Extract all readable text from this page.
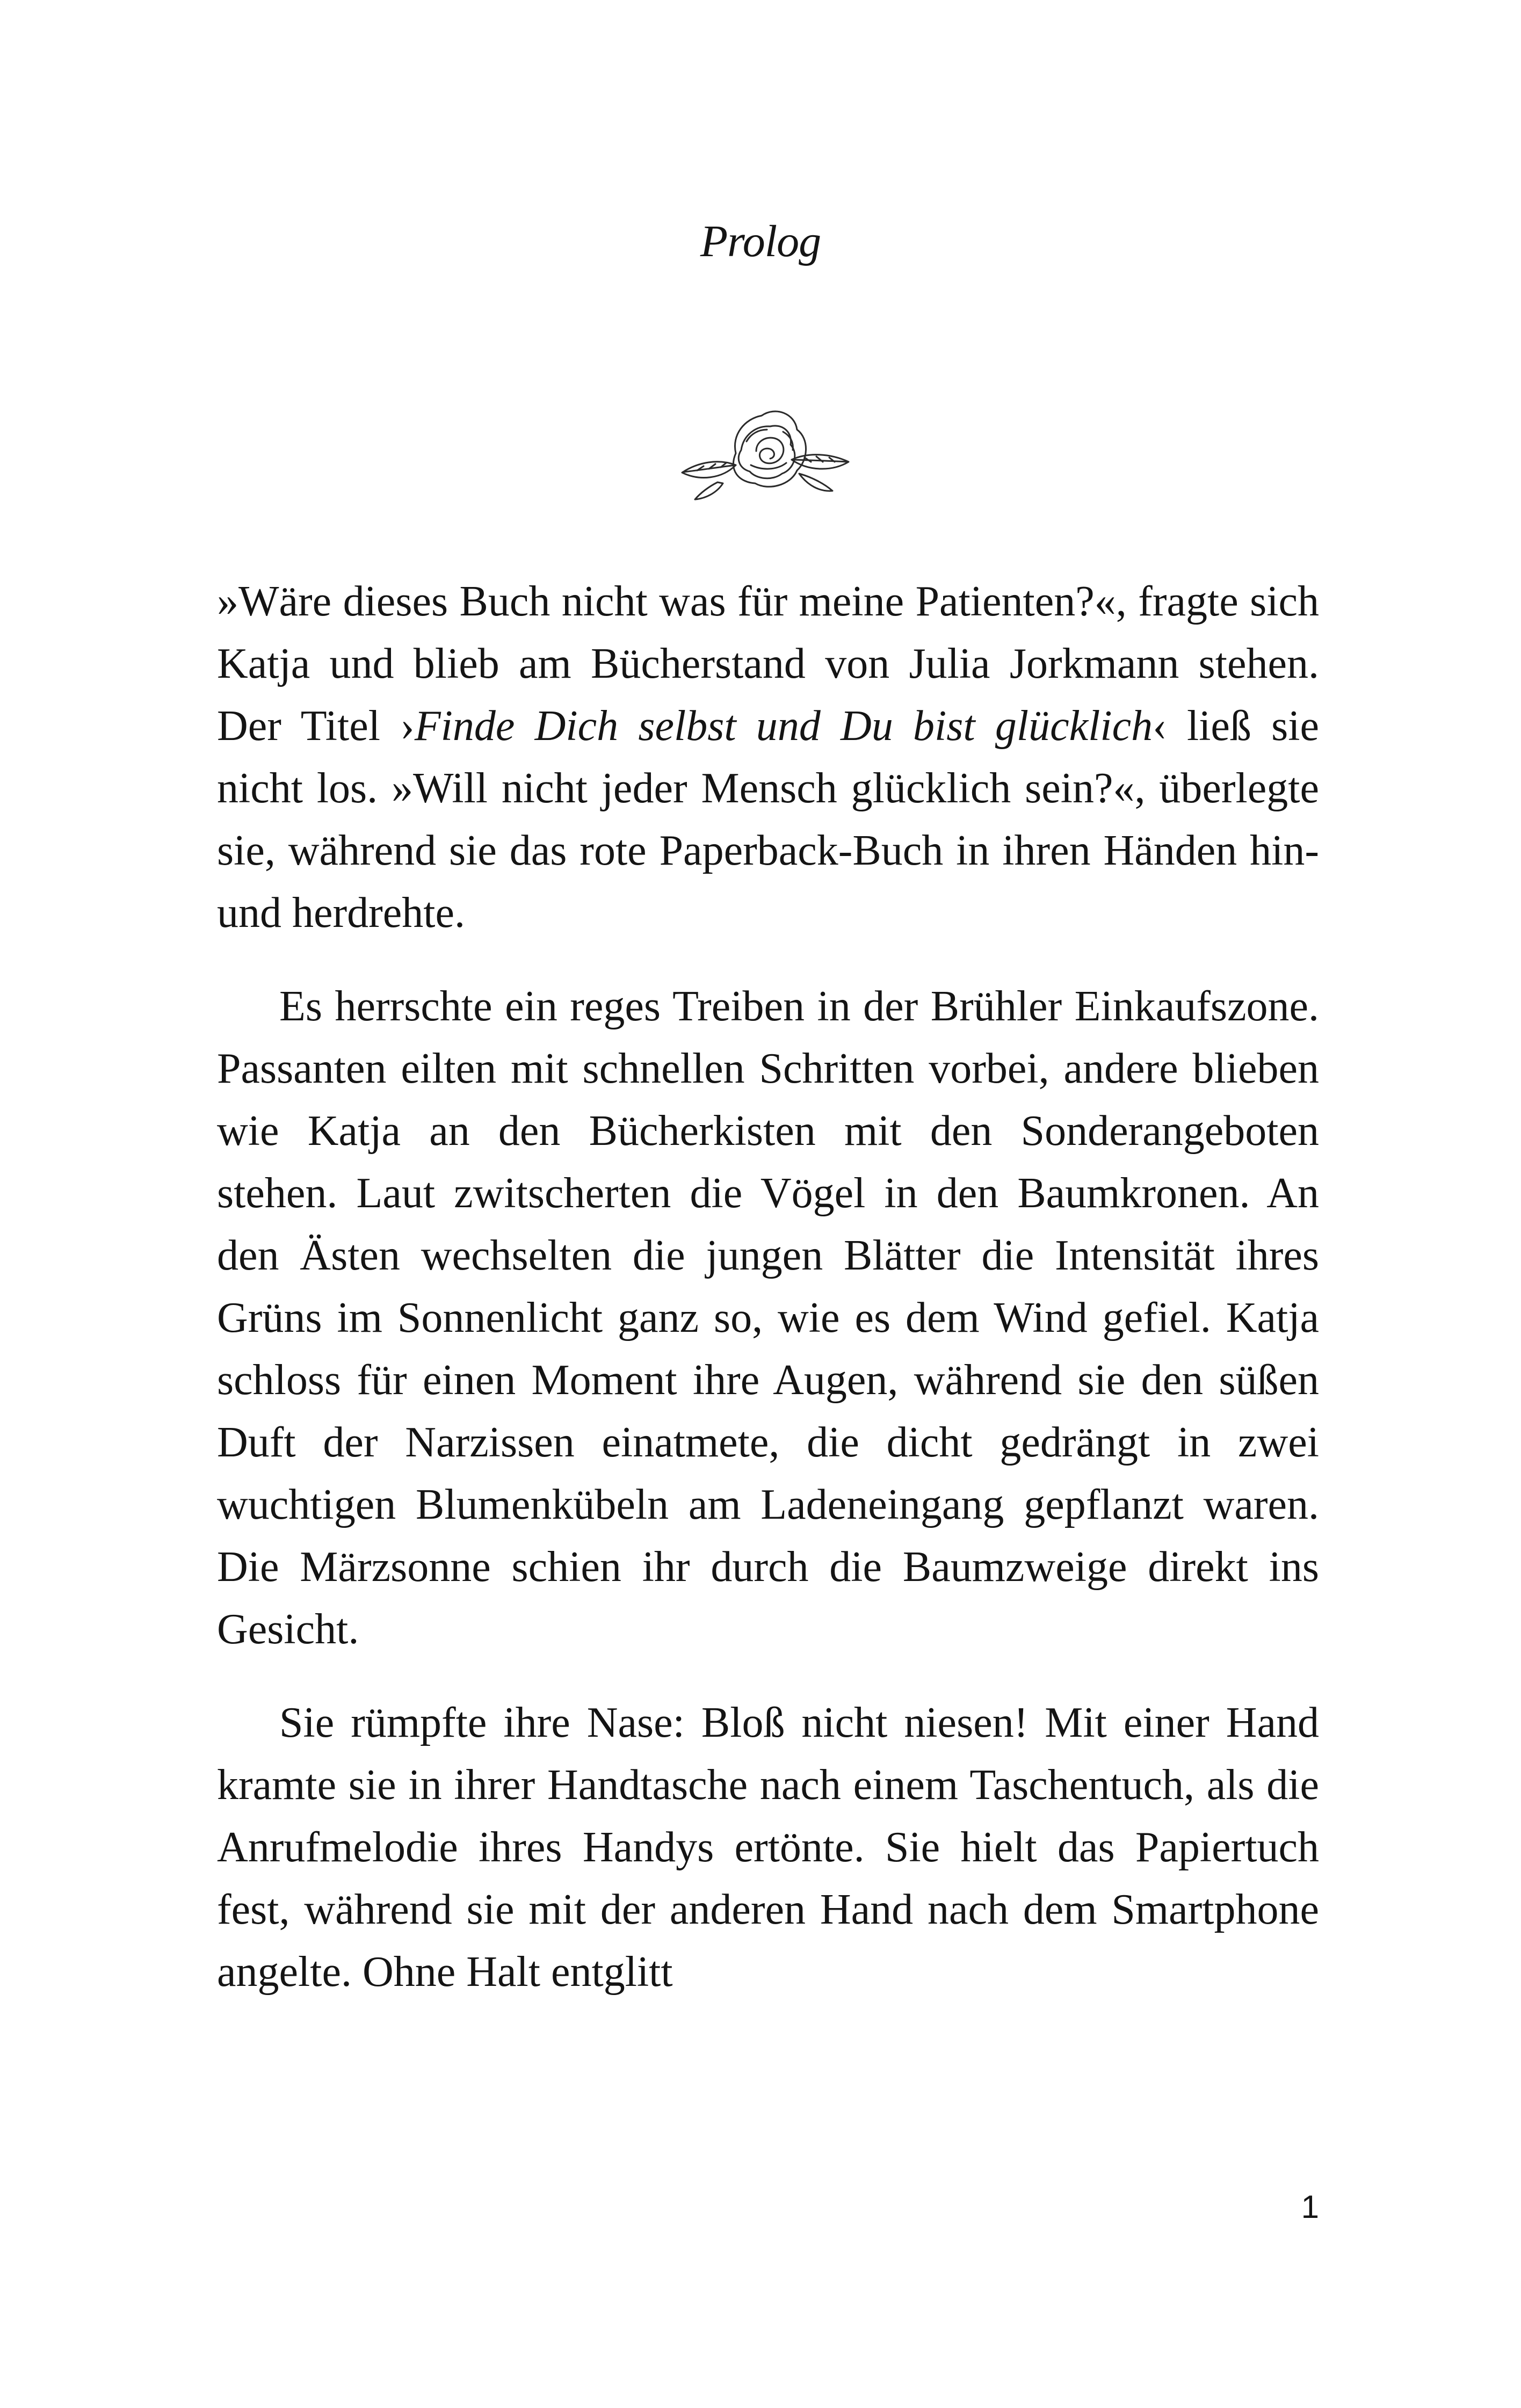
Prolog

»Wäre dieses Buch nicht was für meine Patienten?«, fragte sich Katja und blieb am Bücherstand von Julia Jorkmann stehen. Der Titel ›Finde Dich selbst und Du bist glücklich‹ ließ sie nicht los. »Will nicht jeder Mensch glücklich sein?«, überlegte sie, während sie das rote Paperback-Buch in ihren Händen hin- und herdrehte.

Es herrschte ein reges Treiben in der Brühler Einkaufszone. Passanten eilten mit schnellen Schritten vorbei, andere blieben wie Katja an den Bücherkisten mit den Sonderangeboten stehen. Laut zwitscherten die Vögel in den Baumkronen. An den Ästen wechselten die jungen Blätter die Intensität ihres Grüns im Sonnenlicht ganz so, wie es dem Wind gefiel. Katja schloss für einen Moment ihre Augen, während sie den süßen Duft der Narzissen einatmete, die dicht gedrängt in zwei wuchtigen Blumenkübeln am Ladeneingang gepflanzt waren. Die Märzsonne schien ihr durch die Baumzweige direkt ins Gesicht.

Sie rümpfte ihre Nase: Bloß nicht niesen! Mit einer Hand kramte sie in ihrer Handtasche nach einem Taschentuch, als die Anrufmelodie ihres Handys ertönte. Sie hielt das Papiertuch fest, während sie mit der anderen Hand nach dem Smartphone angelte. Ohne Halt entglitt

1
